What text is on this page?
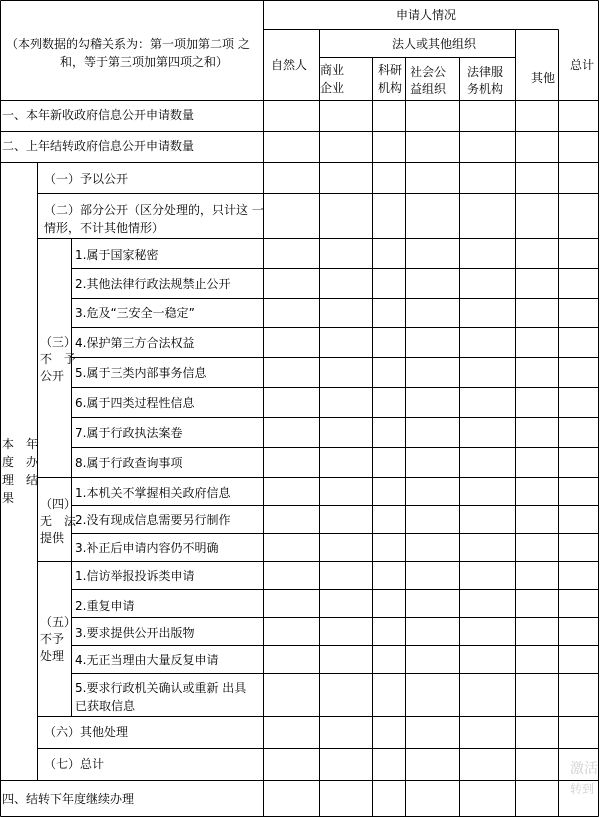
（本列数据的勾稽关系为：第一项加第二项 之
和，等于第三项加第四项之和）
申请人情况
自然人
法人或其他组织
商业
企业
科研
机构
社会公
益组织
法律服
务机构
其他
总计
一、本年新收政府信息公开申请数量
二、上年结转政府信息公开申请数量
本　年
度　办
理　结
果
（一）予以公开
（二）部分公开（区分处理的，只计这 一
情形，不计其他情形）
（三）
不　予
公开
1.属于国家秘密
2.其他法律行政法规禁止公开
3.危及“三安全一稳定”
4.保护第三方合法权益
5.属于三类内部事务信息
6.属于四类过程性信息
7.属于行政执法案卷
8.属于行政查询事项
（四）
无　法
提供
1.本机关不掌握相关政府信息
2.没有现成信息需要另行制作
3.补正后申请内容仍不明确
（五）
不予
处理
1.信访举报投诉类申请
2.重复申请
3.要求提供公开出版物
4.无正当理由大量反复申请
5.要求行政机关确认或重新 出具
已获取信息
（六）其他处理
（七）总计
四、结转下年度继续办理
激活
转到
